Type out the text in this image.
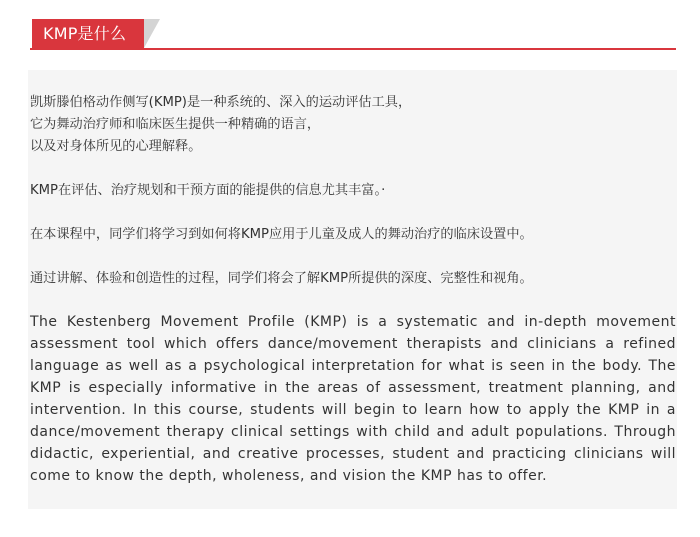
KMP是什么
凯斯滕伯格动作侧写(KMP)是一种系统的、深入的运动评估工具，
它为舞动治疗师和临床医生提供一种精确的语言，
以及对身体所见的心理解释。
KMP在评估、治疗规划和干预方面的能提供的信息尤其丰富。·
在本课程中，同学们将学习到如何将KMP应用于儿童及成人的舞动治疗的临床设置中。
通过讲解、体验和创造性的过程，同学们将会了解KMP所提供的深度、完整性和视角。
The Kestenberg Movement Profile (KMP) is a systematic and in-depth movement assessment tool which offers dance/movement therapists and clinicians a refined language as well as a psychological interpretation for what is seen in the body. The KMP is especially informative in the areas of assessment, treatment planning, and intervention. In this course, students will begin to learn how to apply the KMP in a dance/movement therapy clinical settings with child and adult populations. Through didactic, experiential, and creative processes, student and practicing clinicians will come to know the depth, wholeness, and vision the KMP has to offer.
